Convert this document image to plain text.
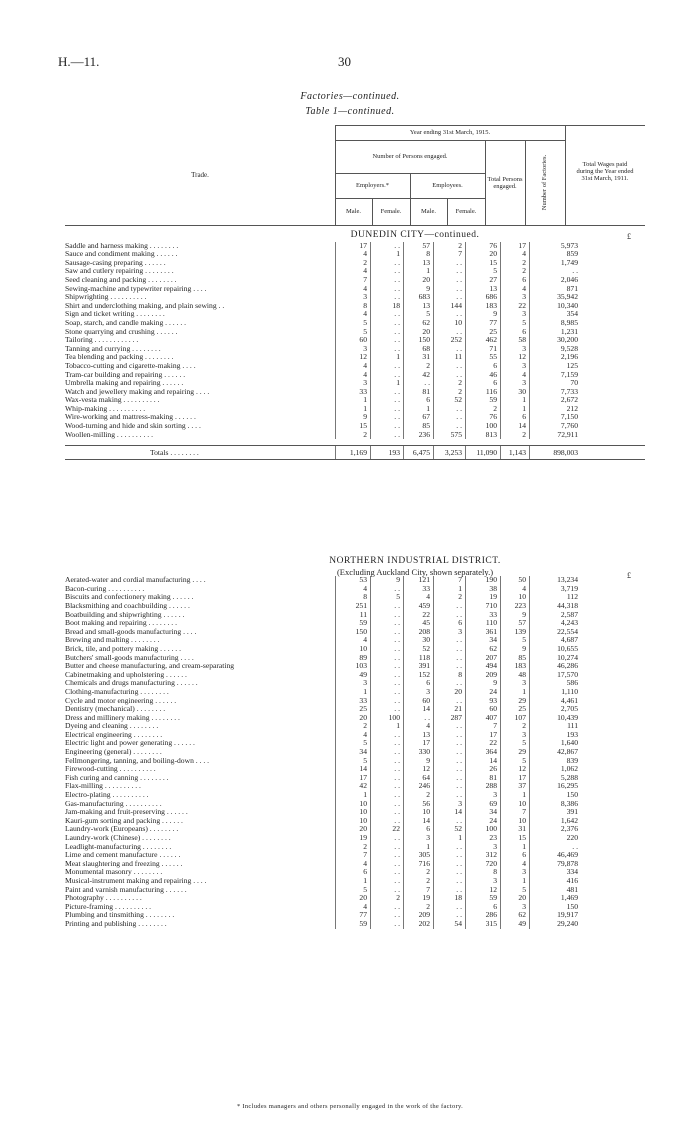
H.—11.	30
Factories—continued.
Table 1—continued.
Trade.
Year ending 31st March, 1915.
Number of Persons engaged.
Employers.*	Employees.
Male.	Female.	Male.	Female.
Total Persons engaged.	Number of Factories.	Total Wages paid during the Year ended 31st March, 1911.
DUNEDIN CITY—continued.	£
Saddle and harness making . . . . . . . .	17	. .	57	2	76	17	5,973
Sauce and condiment making . . . . . .	4	1	8	7	20	4	859
Sausage-casing preparing . . . . . .	2	. .	13	. .	15	2	1,749
Saw and cutlery repairing . . . . . . . .	4	. .	1	. .	5	2	. .
Seed cleaning and packing . . . . . . . .	7	. .	20	. .	27	6	2,046
Sewing-machine and typewriter repairing . . . .	4	. .	9	. .	13	4	871
Shipwrighting . . . . . . . . . .	3	. .	683	. .	686	3	35,942
Shirt and underclothing making, and plain sewing . .	8	18	13	144	183	22	10,340
Sign and ticket writing . . . . . . . .	4	. .	5	. .	9	3	354
Soap, starch, and candle making . . . . . .	5	. .	62	10	77	5	8,985
Stone quarrying and crushing . . . . . .	5	. .	20	. .	25	6	1,231
Tailoring . . . . . . . . . . . .	60	. .	150	252	462	58	30,200
Tanning and currying . . . . . . . .	3	. .	68	. .	71	3	9,528
Tea blending and packing . . . . . . . .	12	1	31	11	55	12	2,196
Tobacco-cutting and cigarette-making . . . .	4	. .	2	. .	6	3	125
Tram-car building and repairing . . . . . .	4	. .	42	. .	46	4	7,159
Umbrella making and repairing . . . . . .	3	1	. .	2	6	3	70
Watch and jewellery making and repairing . . . .	33	. .	81	2	116	30	7,733
Wax-vesta making . . . . . . . . . .	1	. .	6	52	59	1	2,672
Whip-making . . . . . . . . . .	1	. .	1	. .	2	1	212
Wire-working and mattress-making . . . . . .	9	. .	67	. .	76	6	7,150
Wood-turning and hide and skin sorting . . . .	15	. .	85	. .	100	14	7,760
Woollen-milling . . . . . . . . . .	2	. .	236	575	813	2	72,911
Totals . . . . . . . .	1,169	193	6,475	3,253	11,090	1,143	898,003
NORTHERN INDUSTRIAL DISTRICT.
(Excluding Auckland City, shown separately.)	£
Aerated-water and cordial manufacturing . . . .	53	9	121	7	190	50	13,234
Bacon-curing . . . . . . . . . .	4	. .	33	1	38	4	3,719
Biscuits and confectionery making . . . . . .	8	5	4	2	19	10	112
Blacksmithing and coachbuilding . . . . . .	251	. .	459	. .	710	223	44,318
Boatbuilding and shipwrighting . . . . . .	11	. .	22	. .	33	9	2,587
Boot making and repairing . . . . . . . .	59	. .	45	6	110	57	4,243
Bread and small-goods manufacturing . . . .	150	. .	208	3	361	139	22,554
Brewing and malting . . . . . . . .	4	. .	30	. .	34	5	4,687
Brick, tile, and pottery making . . . . . .	10	. .	52	. .	62	9	10,655
Butchers' small-goods manufacturing . . . .	89	. .	118	. .	207	85	10,274
Butter and cheese manufacturing, and cream-separating	103	. .	391	. .	494	183	46,286
Cabinetmaking and upholstering . . . . . .	49	. .	152	8	209	48	17,570
Chemicals and drugs manufacturing . . . . . .	3	. .	6	. .	9	3	586
Clothing-manufacturing . . . . . . . .	1	. .	3	20	24	1	1,110
Cycle and motor engineering . . . . . .	33	. .	60	. .	93	29	4,461
Dentistry (mechanical) . . . . . . . .	25	. .	14	21	60	25	2,705
Dress and millinery making . . . . . . . .	20	100	. .	287	407	107	10,439
Dyeing and cleaning . . . . . . . .	2	1	4	. .	7	2	111
Electrical engineering . . . . . . . .	4	. .	13	. .	17	3	193
Electric light and power generating . . . . . .	5	. .	17	. .	22	5	1,640
Engineering (general) . . . . . . . .	34	. .	330	. .	364	29	42,867
Fellmongering, tanning, and boiling-down . . . .	5	. .	9	. .	14	5	839
Firewood-cutting . . . . . . . . . .	14	. .	12	. .	26	12	1,062
Fish curing and canning . . . . . . . .	17	. .	64	. .	81	17	5,288
Flax-milling . . . . . . . . . .	42	. .	246	. .	288	37	16,295
Electro-plating . . . . . . . . . .	1	. .	2	. .	3	1	150
Gas-manufacturing . . . . . . . . . .	10	. .	56	3	69	10	8,386
Jam-making and fruit-preserving . . . . . .	10	. .	10	14	34	7	391
Kauri-gum sorting and packing . . . . . .	10	. .	14	. .	24	10	1,642
Laundry-work (Europeans) . . . . . . . .	20	22	6	52	100	31	2,376
Laundry-work (Chinese) . . . . . . . .	19	. .	3	1	23	15	220
Leadlight-manufacturing . . . . . . . .	2	. .	1	. .	3	1	. .
Lime and cement manufacture . . . . . .	7	. .	305	. .	312	6	46,469
Meat slaughtering and freezing . . . . . .	4	. .	716	. .	720	4	79,878
Monumental masonry . . . . . . . .	6	. .	2	. .	8	3	334
Musical-instrument making and repairing . . . .	1	. .	2	. .	3	1	416
Paint and varnish manufacturing . . . . . .	5	. .	7	. .	12	5	481
Photography . . . . . . . . . .	20	2	19	18	59	20	1,469
Picture-framing . . . . . . . . . .	4	. .	2	. .	6	3	150
Plumbing and tinsmithing . . . . . . . .	77	. .	209	. .	286	62	19,917
Printing and publishing . . . . . . . .	59	. .	202	54	315	49	29,240
* Includes managers and others personally engaged in the work of the factory.
